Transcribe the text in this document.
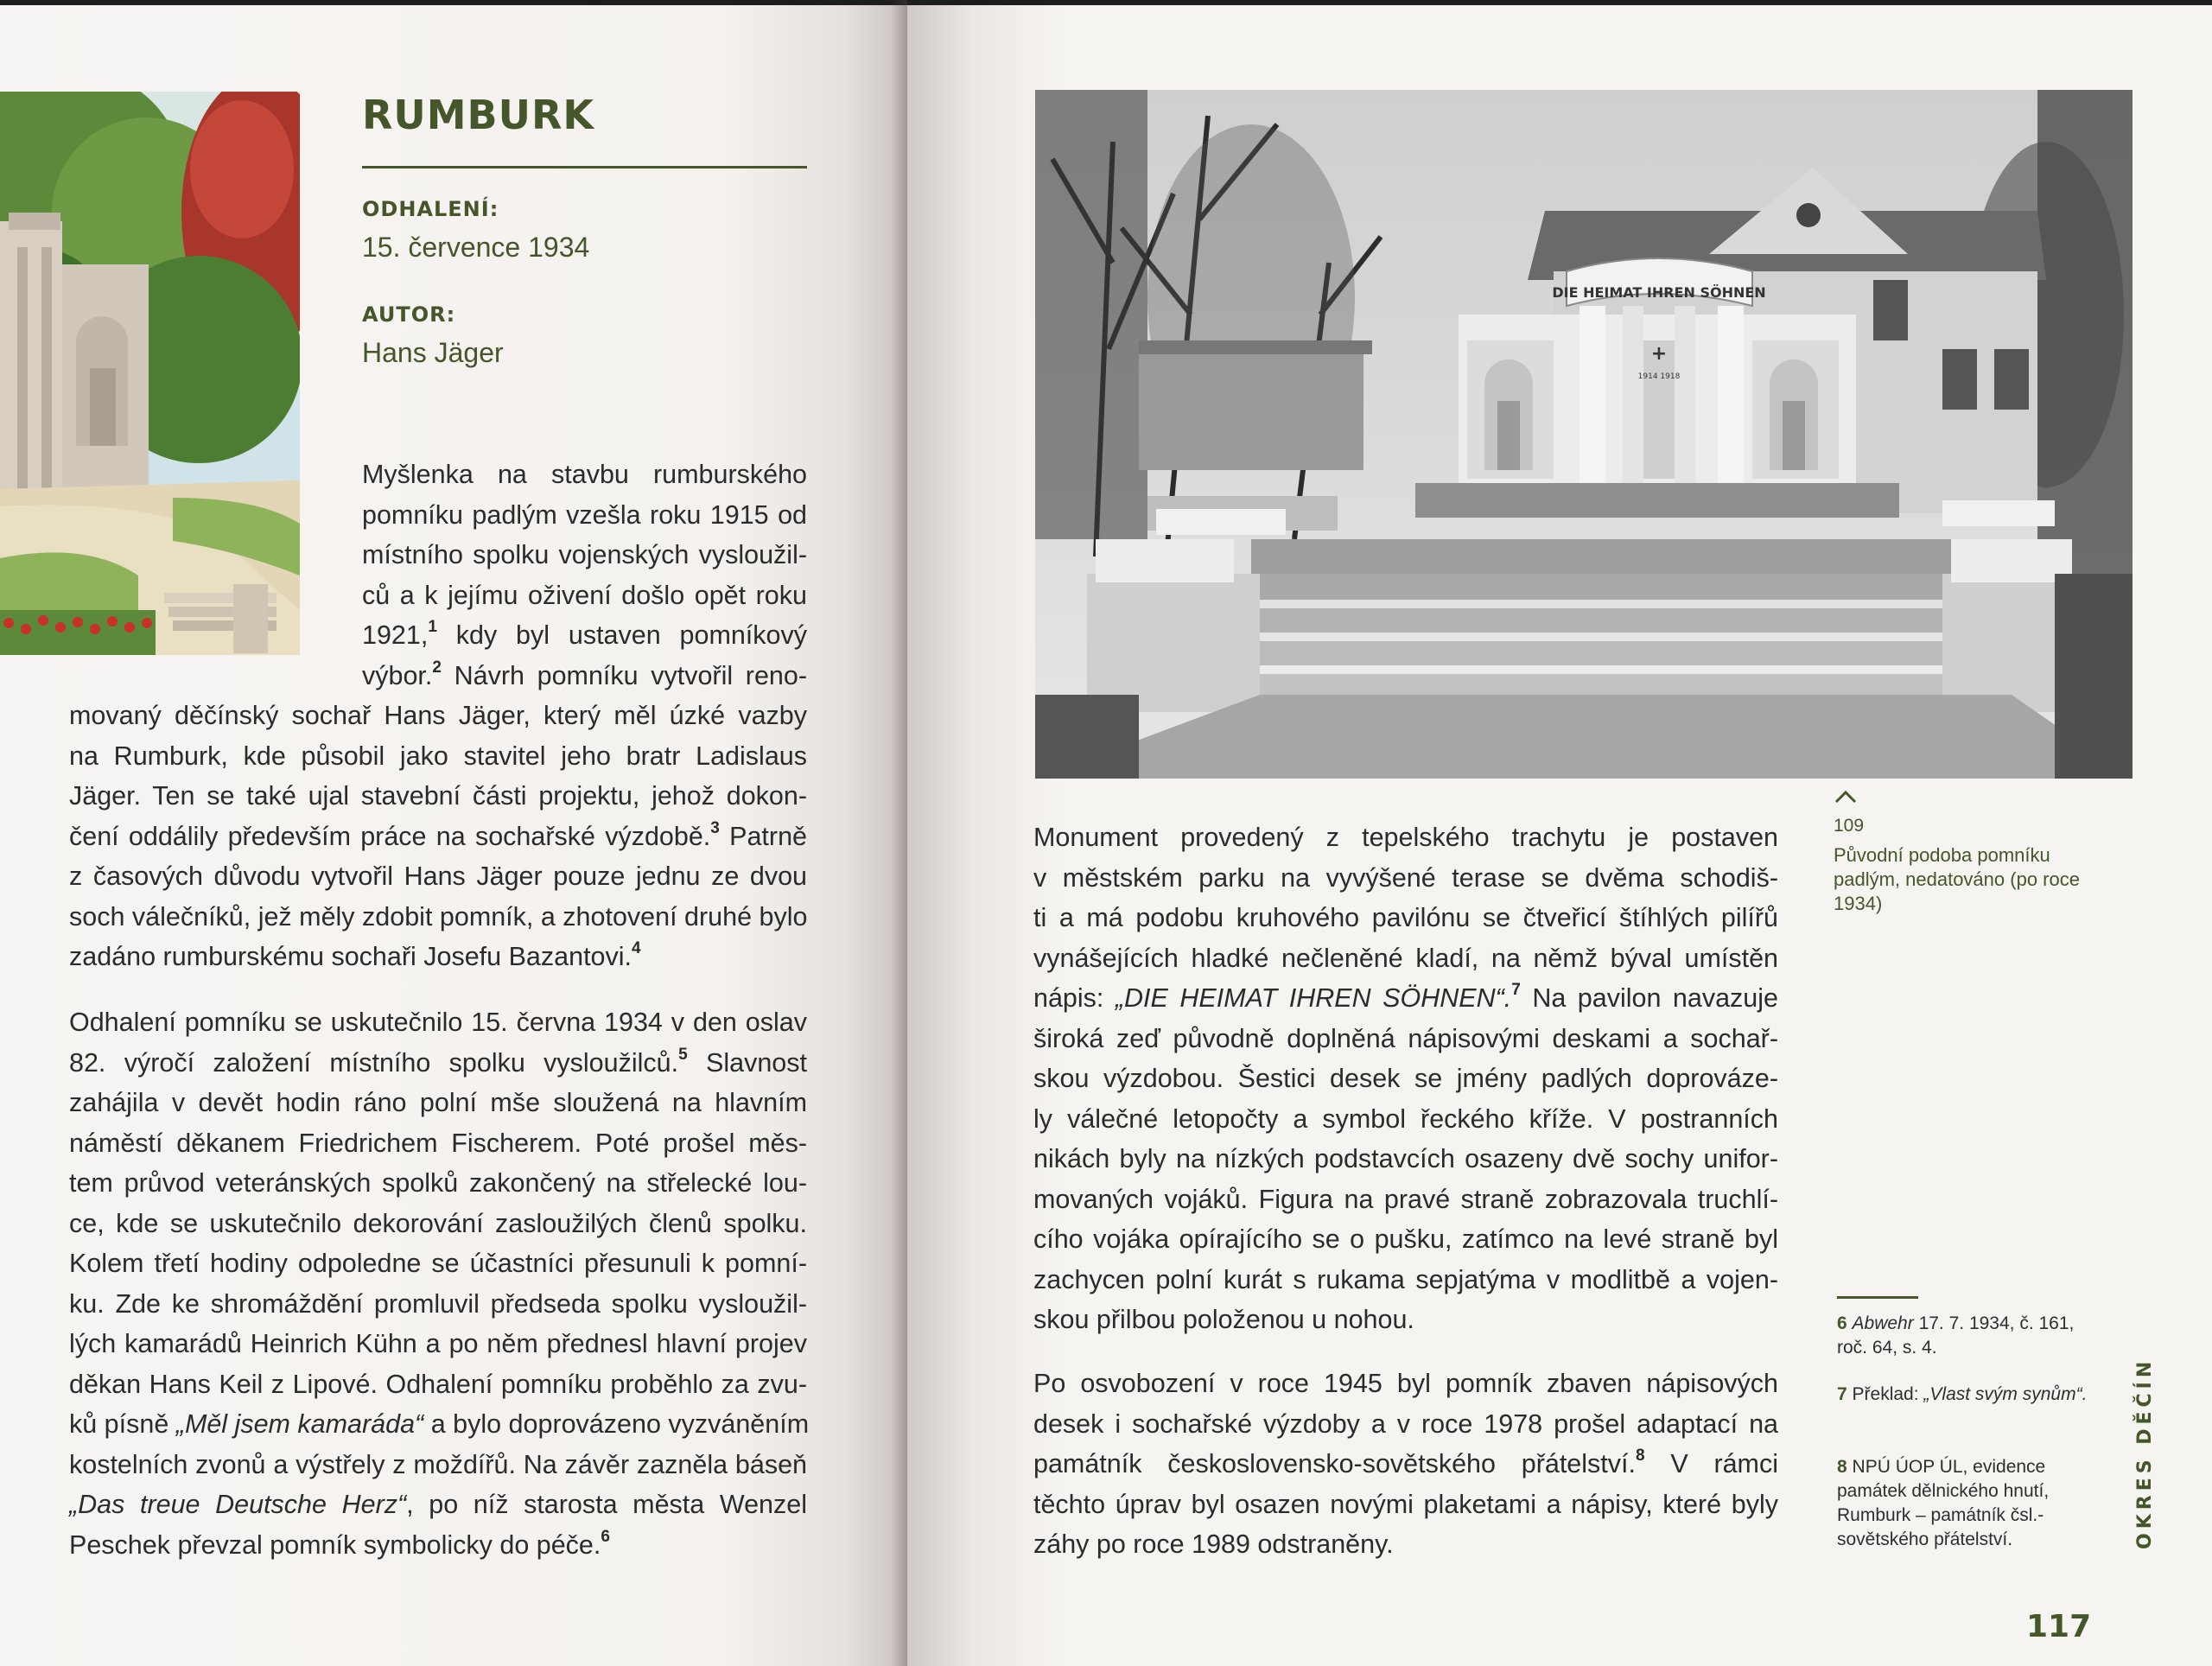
RUMBURK
ODHALENÍ:
15. července 1934
AUTOR:
Hans Jäger
Myšlenka na stavbu rumburského
pomníku padlým vzešla roku 1915 od
místního spolku vojenských vysloužil-
ců a k jejímu oživení došlo opět roku
1921,$^1$ kdy byl ustaven pomníkový
výbor.$^2$ Návrh pomníku vytvořil reno-
movaný děčínský sochař Hans Jäger, který měl úzké vazby
na Rumburk, kde působil jako stavitel jeho bratr Ladislaus
Jäger. Ten se také ujal stavební části projektu, jehož dokon-
čení oddálily především práce na sochařské výzdobě.$^3$ Patrně
z časových důvodu vytvořil Hans Jäger pouze jednu ze dvou
soch válečníků, jež měly zdobit pomník, a zhotovení druhé bylo
zadáno rumburskému sochaři Josefu Bazantovi.$^4$
Odhalení pomníku se uskutečnilo 15. června 1934 v den oslav
82. výročí založení místního spolku vysloužilců.$^5$ Slavnost
zahájila v devět hodin ráno polní mše sloužená na hlavním
náměstí děkanem Friedrichem Fischerem. Poté prošel měs-
tem průvod veteránských spolků zakončený na střelecké lou-
ce, kde se uskutečnilo dekorování zasloužilých členů spolku.
Kolem třetí hodiny odpoledne se účastníci přesunuli k pomní-
ku. Zde ke shromáždění promluvil předseda spolku vysloužil-
lých kamarádů Heinrich Kühn a po něm přednesl hlavní projev
děkan Hans Keil z Lipové. Odhalení pomníku proběhlo za zvu-
ků písně „Měl jsem kamaráda“ a bylo doprovázeno vyzváněním
kostelních zvonů a výstřely z moždířů. Na závěr zazněla báseň
„Das treue Deutsche Herz“, po níž starosta města Wenzel
Peschek převzal pomník symbolicky do péče.$^6$
DIE HEIMAT IHREN SÖHNEN
+
1914 1918
109
Původní podoba pomníku padlým, nedatováno (po roce 1934)
Monument provedený z tepelského trachytu je postaven
v městském parku na vyvýšené terase se dvěma schodiš-
ti a má podobu kruhového pavilónu se čtveřicí štíhlých pilířů
vynášejících hladké nečleněné kladí, na němž býval umístěn
nápis: „DIE HEIMAT IHREN SÖHNEN“.$^7$ Na pavilon navazuje
široká zeď původně doplněná nápisovými deskami a sochař-
skou výzdobou. Šestici desek se jmény padlých doprováze-
ly válečné letopočty a symbol řeckého kříže. V postranních
nikách byly na nízkých podstavcích osazeny dvě sochy unifor-
movaných vojáků. Figura na pravé straně zobrazovala truchlí-
cího vojáka opírajícího se o pušku, zatímco na levé straně byl
zachycen polní kurát s rukama sepjatýma v modlitbě a vojen-
skou přilbou položenou u nohou.
Po osvobození v roce 1945 byl pomník zbaven nápisových
desek i sochařské výzdoby a v roce 1978 prošel adaptací na
památník československo-sovětského přátelství.$^8$ V rámci
těchto úprav byl osazen novými plaketami a nápisy, které byly
záhy po roce 1989 odstraněny.
6 Abwehr 17. 7. 1934, č. 161, roč. 64, s. 4.
7 Překlad: „Vlast svým synům“.
8 NPÚ ÚOP ÚL, evidence památek dělnického hnutí, Rumburk – památník čsl.-sovětského přátelství.
117
OKRES DĚČÍN
